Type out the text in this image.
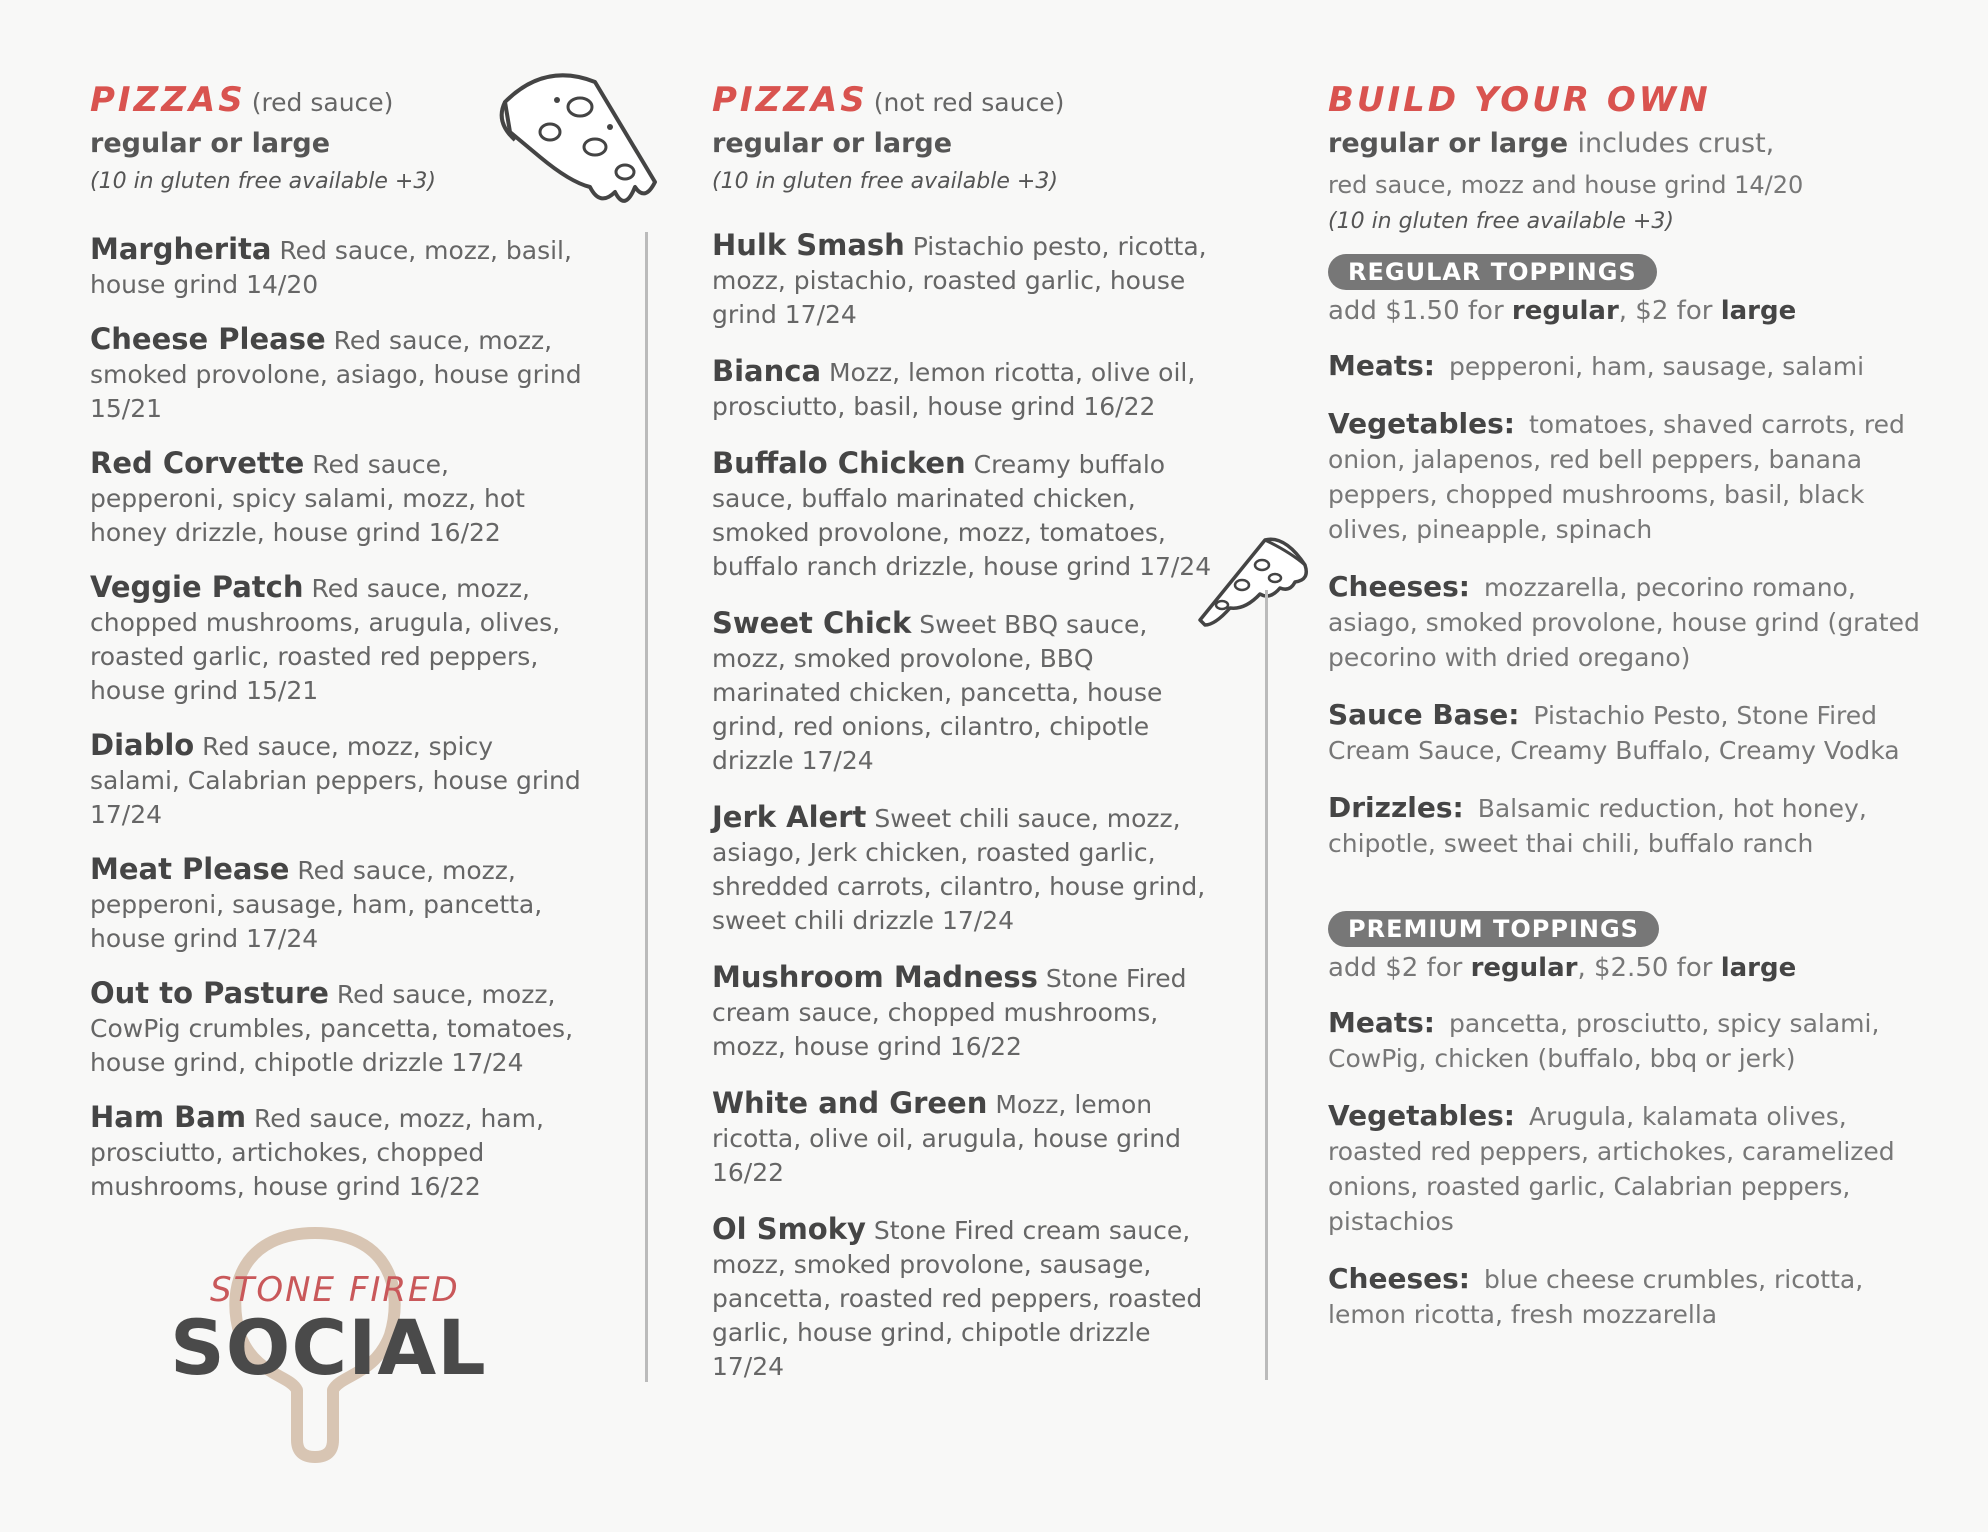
PIZZAS (red sauce)
regular or large
(10 in gluten free available +3)
Margherita Red sauce, mozz, basil, house grind 14/20
Cheese Please Red sauce, mozz, smoked provolone, asiago, house grind 15/21
Red Corvette Red sauce, pepperoni, spicy salami, mozz, hot honey drizzle, house grind 16/22
Veggie Patch Red sauce, mozz, chopped mushrooms, arugula, olives, roasted garlic, roasted red peppers, house grind 15/21
Diablo Red sauce, mozz, spicy salami, Calabrian peppers, house grind 17/24
Meat Please Red sauce, mozz, pepperoni, sausage, ham, pancetta, house grind 17/24
Out to Pasture Red sauce, mozz, CowPig crumbles, pancetta, tomatoes, house grind, chipotle drizzle 17/24
Ham Bam Red sauce, mozz, ham, prosciutto, artichokes, chopped mushrooms, house grind 16/22
PIZZAS (not red sauce)
regular or large
(10 in gluten free available +3)
Hulk Smash Pistachio pesto, ricotta, mozz, pistachio, roasted garlic, house grind 17/24
Bianca Mozz, lemon ricotta, olive oil, prosciutto, basil, house grind 16/22
Buffalo Chicken Creamy buffalo sauce, buffalo marinated chicken, smoked provolone, mozz, tomatoes, buffalo ranch drizzle, house grind 17/24
Sweet Chick Sweet BBQ sauce, mozz, smoked provolone, BBQ marinated chicken, pancetta, house grind, red onions, cilantro, chipotle drizzle 17/24
Jerk Alert Sweet chili sauce, mozz, asiago, Jerk chicken, roasted garlic, shredded carrots, cilantro, house grind, sweet chili drizzle 17/24
Mushroom Madness Stone Fired cream sauce, chopped mushrooms, mozz, house grind 16/22
White and Green Mozz, lemon ricotta, olive oil, arugula, house grind 16/22
Ol Smoky Stone Fired cream sauce, mozz, smoked provolone, sausage, pancetta, roasted red peppers, roasted garlic, house grind, chipotle drizzle 17/24
BUILD YOUR OWN
regular or large includes crust,
red sauce, mozz and house grind 14/20
(10 in gluten free available +3)
REGULAR TOPPINGS
add $1.50 for regular, $2 for large
Meats: pepperoni, ham, sausage, salami
Vegetables: tomatoes, shaved carrots, red onion, jalapenos, red bell peppers, banana peppers, chopped mushrooms, basil, black olives, pineapple, spinach
Cheeses: mozzarella, pecorino romano, asiago, smoked provolone, house grind (grated pecorino with dried oregano)
Sauce Base: Pistachio Pesto, Stone Fired Cream Sauce, Creamy Buffalo, Creamy Vodka
Drizzles: Balsamic reduction, hot honey, chipotle, sweet thai chili, buffalo ranch
PREMIUM TOPPINGS
add $2 for regular, $2.50 for large
Meats: pancetta, prosciutto, spicy salami, CowPig, chicken (buffalo, bbq or jerk)
Vegetables: Arugula, kalamata olives, roasted red peppers, artichokes, caramelized onions, roasted garlic, Calabrian peppers, pistachios
Cheeses: blue cheese crumbles, ricotta, lemon ricotta, fresh mozzarella
STONE FIRED
SOCIAL
